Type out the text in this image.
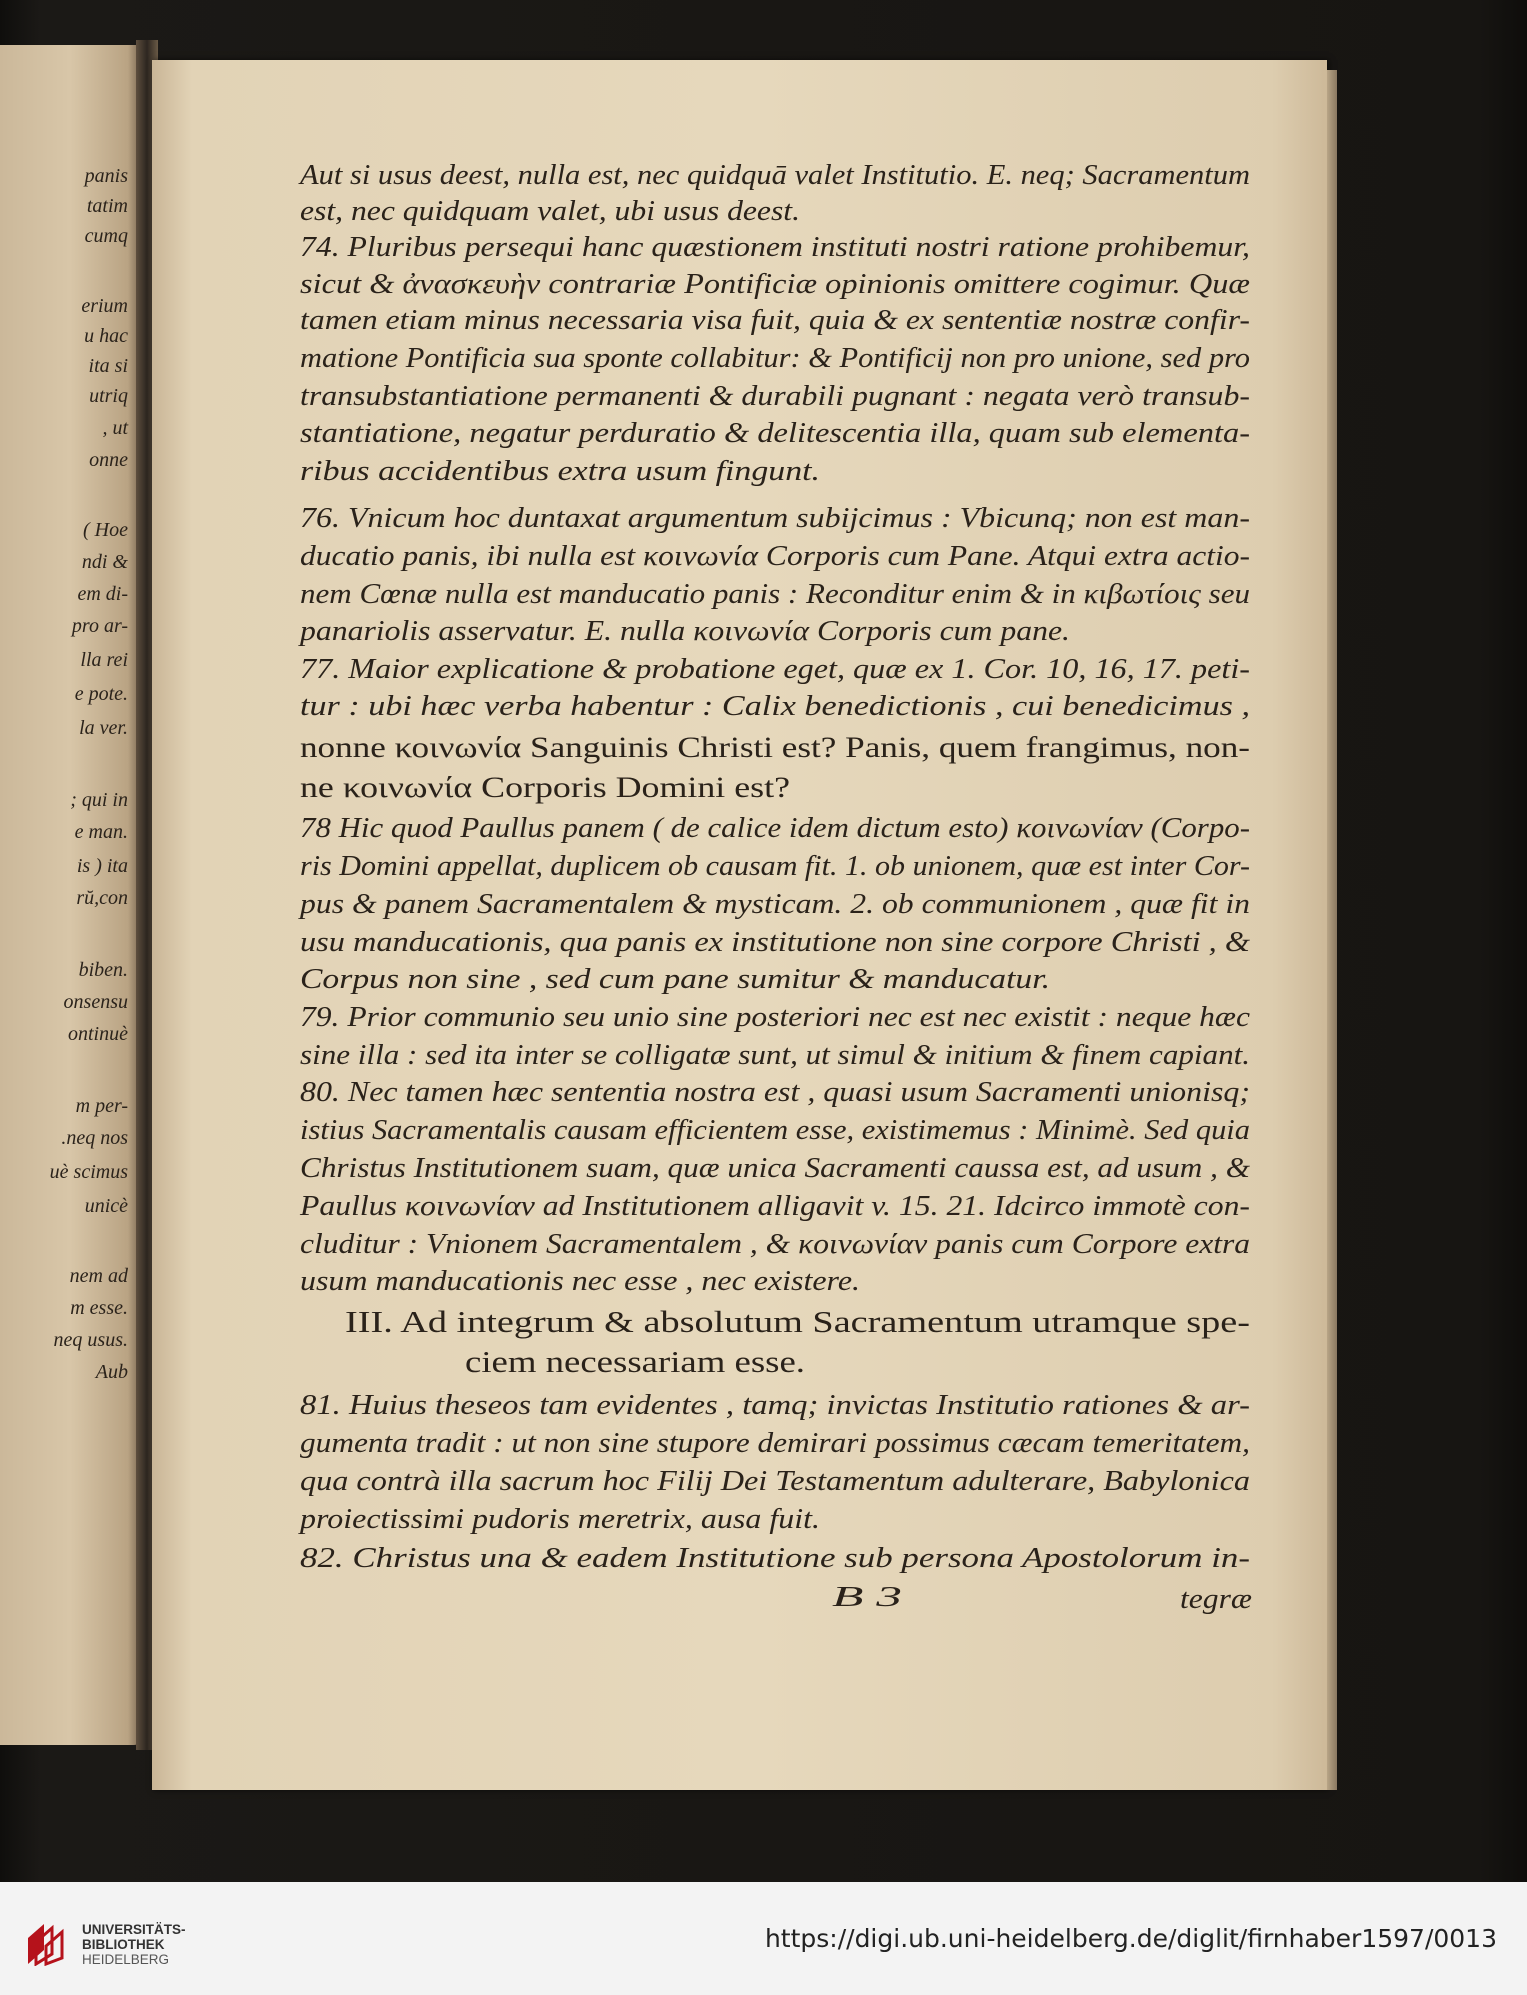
panis
tatim
cumq
erium
u hac
ita si
utriq
, ut
onne
( Hoe
ndi &
em di-
pro ar-
lla rei
e pote.
la ver.
; qui in
e man.
is ) ita
rŭ,con
biben.
onsensu
ontinuè
m per-
.neq nos
uè scimus
unicè
nem ad
m esse.
neq usus.
Aub
Aut si usus deest, nulla est, nec quidquā valet Institutio. E. neq; Sacramentum
est, nec quidquam valet, ubi usus deest.
74. Pluribus persequi hanc quæstionem instituti nostri ratione prohibemur,
sicut & ἀνασκευὴν contrariæ Pontificiæ opinionis omittere cogimur. Quæ
tamen etiam minus necessaria visa fuit, quia & ex sententiæ nostræ confir-
matione Pontificia sua sponte collabitur: & Pontificij non pro unione, sed pro
transubstantiatione permanenti & durabili pugnant : negata verò transub-
stantiatione, negatur perduratio & delitescentia illa, quam sub elementa-
ribus accidentibus extra usum fingunt.
76. Vnicum hoc duntaxat argumentum subijcimus : Vbicunq; non est man-
ducatio panis, ibi nulla est κοινωνία Corporis cum Pane. Atqui extra actio-
nem Cœnæ nulla est manducatio panis : Reconditur enim & in κιβωτίοις seu
panariolis asservatur. E. nulla κοινωνία Corporis cum pane.
77. Maior explicatione & probatione eget, quæ ex 1. Cor. 10, 16, 17. peti-
tur : ubi hæc verba habentur : Calix benedictionis , cui benedicimus ,
nonne κοινωνία Sanguinis Christi est? Panis, quem frangimus, non-
ne κοινωνία Corporis Domini est?
78 Hic quod Paullus panem ( de calice idem dictum esto) κοινωνίαν (Corpo-
ris Domini appellat, duplicem ob causam fit. 1. ob unionem, quæ est inter Cor-
pus & panem Sacramentalem & mysticam. 2. ob communionem , quæ fit in
usu manducationis, qua panis ex institutione non sine corpore Christi , &
Corpus non sine , sed cum pane sumitur & manducatur.
79. Prior communio seu unio sine posteriori nec est nec existit : neque hæc
sine illa : sed ita inter se colligatæ sunt, ut simul & initium & finem capiant.
80. Nec tamen hæc sententia nostra est , quasi usum Sacramenti unionisq;
istius Sacramentalis causam efficientem esse, existimemus : Minimè. Sed quia
Christus Institutionem suam, quæ unica Sacramenti caussa est, ad usum , &
Paullus κοινωνίαν ad Institutionem alligavit v. 15. 21. Idcirco immotè con-
cluditur : Vnionem Sacramentalem , & κοινωνίαν panis cum Corpore extra
usum manducationis nec esse , nec existere.
III. Ad integrum & absolutum Sacramentum utramque spe-
ciem necessariam esse.
81. Huius theseos tam evidentes , tamq; invictas Institutio rationes & ar-
gumenta tradit : ut non sine stupore demirari possimus cæcam temeritatem,
qua contrà illa sacrum hoc Filij Dei Testamentum adulterare, Babylonica
proiectissimi pudoris meretrix, ausa fuit.
82. Christus una & eadem Institutione sub persona Apostolorum in-
B 3	tegræ
UNIVERSITÄTS-
BIBLIOTHEK
HEIDELBERG
https://digi.ub.uni-heidelberg.de/diglit/firnhaber1597/0013
